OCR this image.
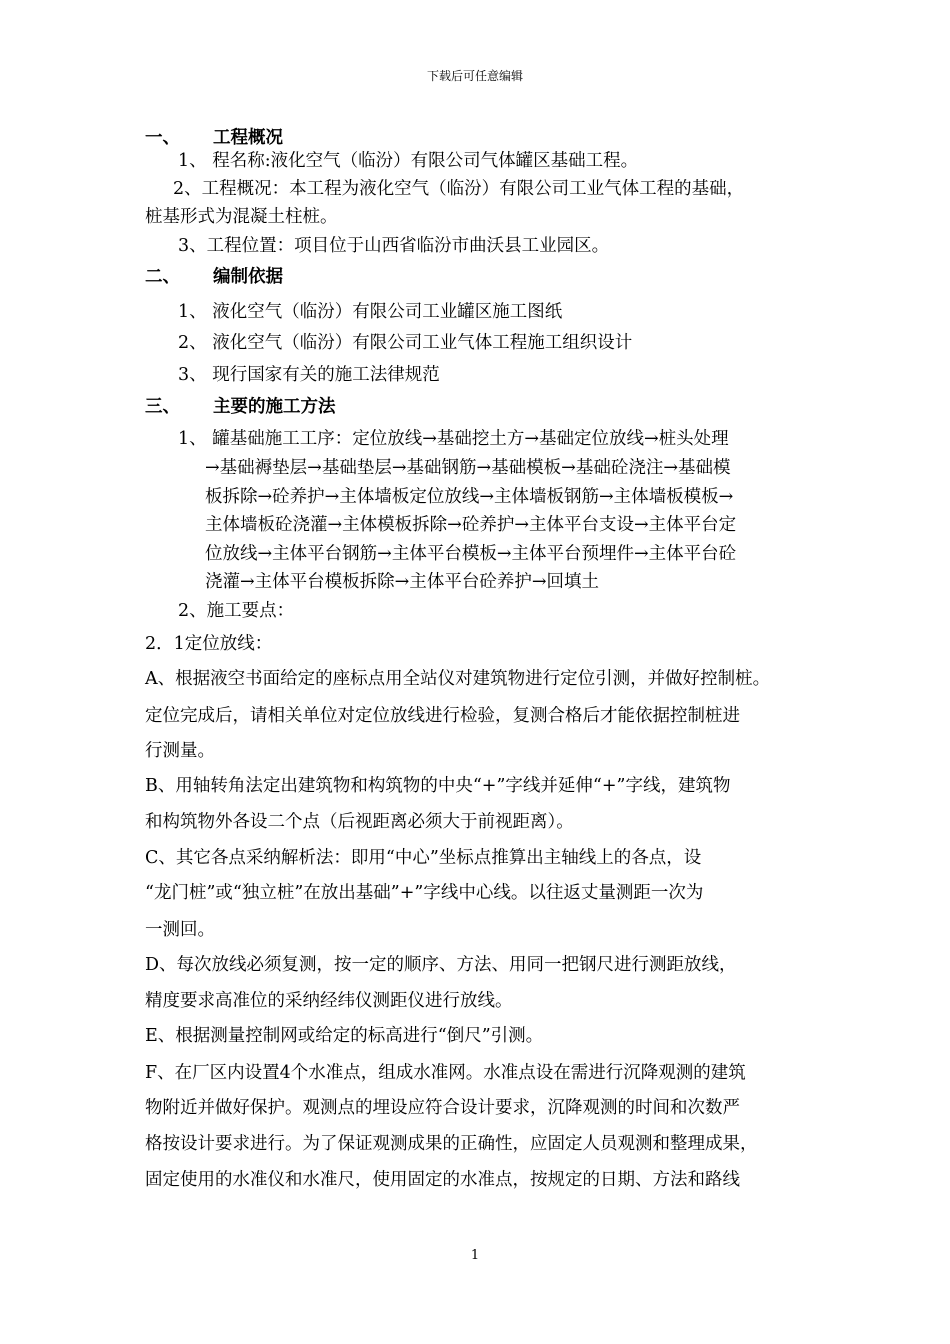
下载后可任意编辑
一、 工程概况
1、 程名称:液化空气（临汾）有限公司气体罐区基础工程。
2、工程概况：本工程为液化空气（临汾）有限公司工业气体工程的基础，
桩基形式为混凝土柱桩。
3、工程位置：项目位于山西省临汾市曲沃县工业园区。
二、 编制依据
1、 液化空气（临汾）有限公司工业罐区施工图纸
2、 液化空气（临汾）有限公司工业气体工程施工组织设计
3、 现行国家有关的施工法律规范
三、 主要的施工方法
1、 罐基础施工工序：定位放线→基础挖土方→基础定位放线→桩头处理
→基础褥垫层→基础垫层→基础钢筋→基础模板→基础砼浇注→基础模
板拆除→砼养护→主体墙板定位放线→主体墙板钢筋→主体墙板模板→
主体墙板砼浇灌→主体模板拆除→砼养护→主体平台支设→主体平台定
位放线→主体平台钢筋→主体平台模板→主体平台预埋件→主体平台砼
浇灌→主体平台模板拆除→主体平台砼养护→回填土
2、施工要点：
2．1定位放线：
A、根据液空书面给定的座标点用全站仪对建筑物进行定位引测，并做好控制桩。
定位完成后，请相关单位对定位放线进行检验，复测合格后才能依据控制桩进
行测量。
B、用轴转角法定出建筑物和构筑物的中央“+”字线并延伸“+”字线，建筑物
和构筑物外各设二个点（后视距离必须大于前视距离）。
C、其它各点采纳解析法：即用“中心”坐标点推算出主轴线上的各点，设
“龙门桩”或“独立桩”在放出基础”+”字线中心线。以往返丈量测距一次为
一测回。
D、每次放线必须复测，按一定的顺序、方法、用同一把钢尺进行测距放线，
精度要求高准位的采纳经纬仪测距仪进行放线。
E、根据测量控制网或给定的标高进行“倒尺”引测。
F、在厂区内设置4个水准点，组成水准网。水准点设在需进行沉降观测的建筑
物附近并做好保护。观测点的埋设应符合设计要求，沉降观测的时间和次数严
格按设计要求进行。为了保证观测成果的正确性，应固定人员观测和整理成果，
固定使用的水准仪和水准尺，使用固定的水准点，按规定的日期、方法和路线
1
